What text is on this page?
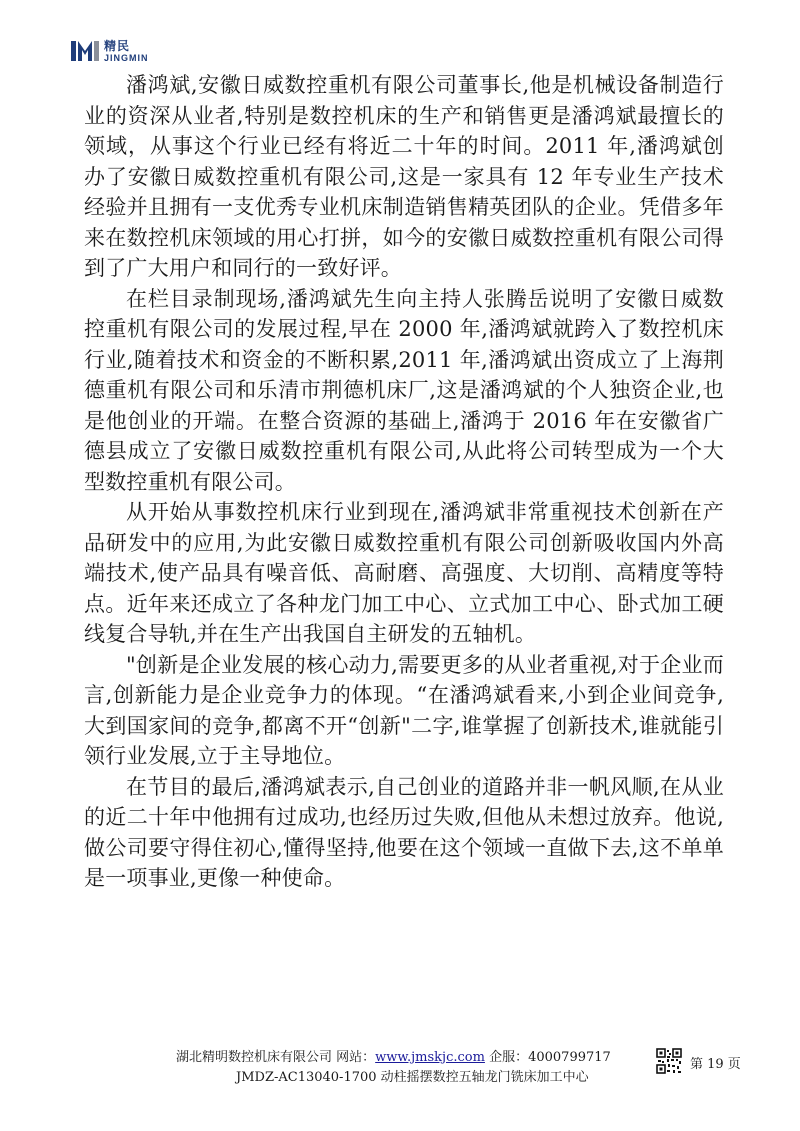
精民
JINGMIN

潘鸿斌,安徽日威数控重机有限公司董事长,他是机械设备制造行业的资深从业者,特别是数控机床的生产和销售更是潘鸿斌最擅长的领域，从事这个行业已经有将近二十年的时间。2011 年,潘鸿斌创办了安徽日威数控重机有限公司,这是一家具有 12 年专业生产技术经验并且拥有一支优秀专业机床制造销售精英团队的企业。凭借多年来在数控机床领域的用心打拼，如今的安徽日威数控重机有限公司得到了广大用户和同行的一致好评。

在栏目录制现场,潘鸿斌先生向主持人张腾岳说明了安徽日威数控重机有限公司的发展过程,早在 2000 年,潘鸿斌就跨入了数控机床行业,随着技术和资金的不断积累,2011 年,潘鸿斌出资成立了上海荆德重机有限公司和乐清市荆德机床厂,这是潘鸿斌的个人独资企业,也是他创业的开端。在整合资源的基础上,潘鸿于 2016 年在安徽省广德县成立了安徽日威数控重机有限公司,从此将公司转型成为一个大型数控重机有限公司。

从开始从事数控机床行业到现在,潘鸿斌非常重视技术创新在产品研发中的应用,为此安徽日威数控重机有限公司创新吸收国内外高端技术,使产品具有噪音低、高耐磨、高强度、大切削、高精度等特点。近年来还成立了各种龙门加工中心、立式加工中心、卧式加工硬线复合导轨,并在生产出我国自主研发的五轴机。

"创新是企业发展的核心动力,需要更多的从业者重视,对于企业而言,创新能力是企业竞争力的体现。“在潘鸿斌看来,小到企业间竞争,大到国家间的竞争,都离不开“创新"二字,谁掌握了创新技术,谁就能引领行业发展,立于主导地位。

在节目的最后,潘鸿斌表示,自己创业的道路并非一帆风顺,在从业的近二十年中他拥有过成功,也经历过失败,但他从未想过放弃。他说,做公司要守得住初心,懂得坚持,他要在这个领域一直做下去,这不单单是一项事业,更像一种使命。

湖北精明数控机床有限公司 网站：www.jmskjc.com 企服：4000799717
JMDZ-AC13040-1700 动柱摇摆数控五轴龙门铣床加工中心
第 19 页
